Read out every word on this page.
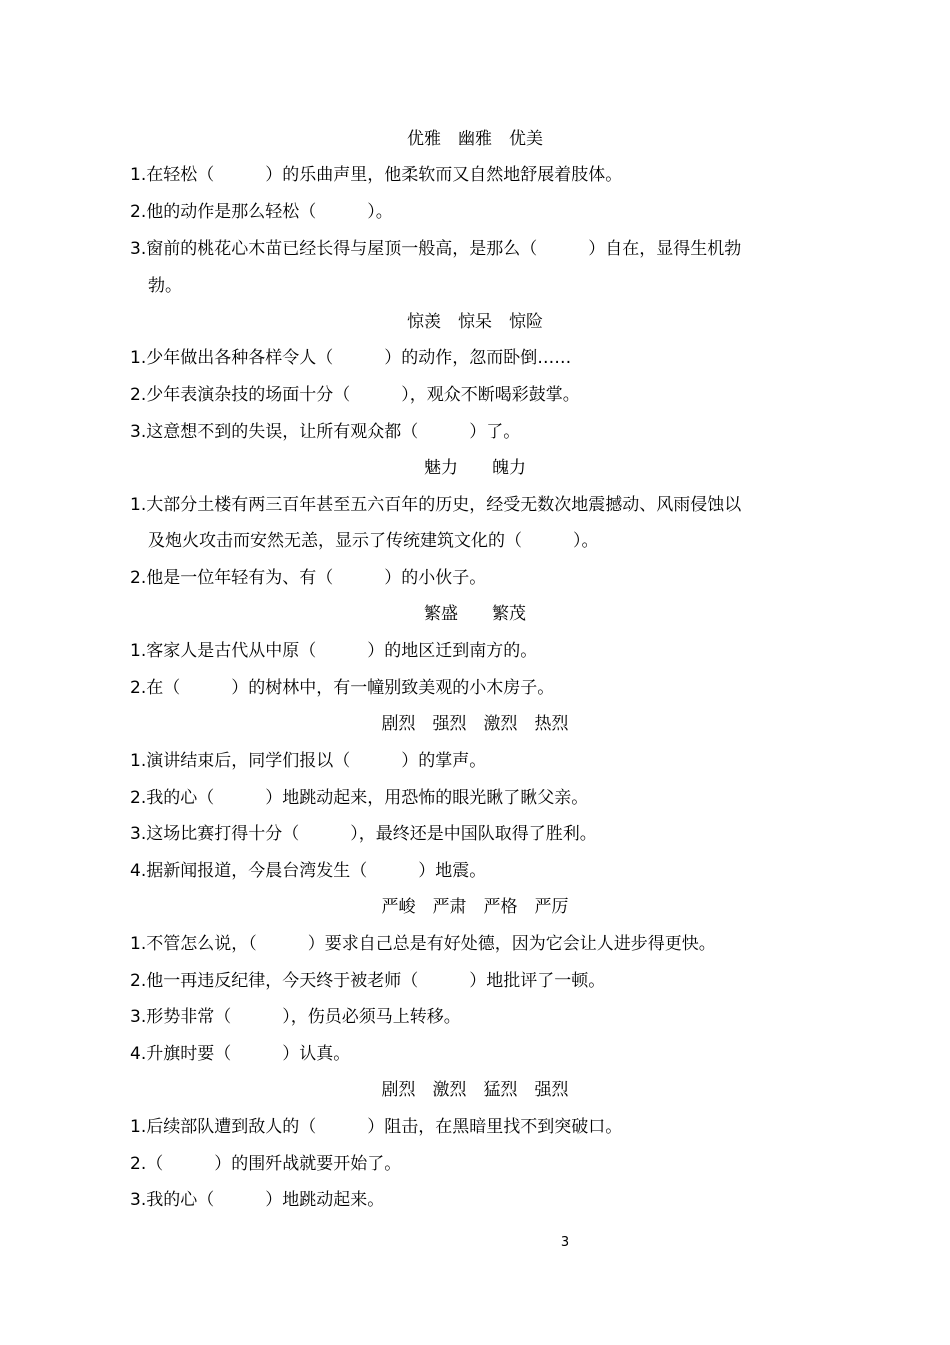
优雅　幽雅　优美
1.在轻松（　　　）的乐曲声里，他柔软而又自然地舒展着肢体。
2.他的动作是那么轻松（　　　）。
3.窗前的桃花心木苗已经长得与屋顶一般高，是那么（　　　）自在，显得生机勃
勃。
惊羡　惊呆　惊险
1.少年做出各种各样令人（　　　）的动作，忽而卧倒……
2.少年表演杂技的场面十分（　　　），观众不断喝彩鼓掌。
3.这意想不到的失误，让所有观众都（　　　）了。
魅力　　魄力
1.大部分土楼有两三百年甚至五六百年的历史，经受无数次地震撼动、风雨侵蚀以
及炮火攻击而安然无恙，显示了传统建筑文化的（　　　）。
2.他是一位年轻有为、有（　　　）的小伙子。
繁盛　　繁茂
1.客家人是古代从中原（　　　）的地区迁到南方的。
2.在（　　　）的树林中，有一幢别致美观的小木房子。
剧烈　强烈　激烈　热烈
1.演讲结束后，同学们报以（　　　）的掌声。
2.我的心（　　　）地跳动起来，用恐怖的眼光瞅了瞅父亲。
3.这场比赛打得十分（　　　），最终还是中国队取得了胜利。
4.据新闻报道，今晨台湾发生（　　　）地震。
严峻　严肃　严格　严厉
1.不管怎么说，（　　　）要求自己总是有好处德，因为它会让人进步得更快。
2.他一再违反纪律，今天终于被老师（　　　）地批评了一顿。
3.形势非常（　　　），伤员必须马上转移。
4.升旗时要（　　　）认真。
剧烈　激烈　猛烈　强烈
1.后续部队遭到敌人的（　　　）阻击，在黑暗里找不到突破口。
2.（　　　）的围歼战就要开始了。
3.我的心（　　　）地跳动起来。
3
